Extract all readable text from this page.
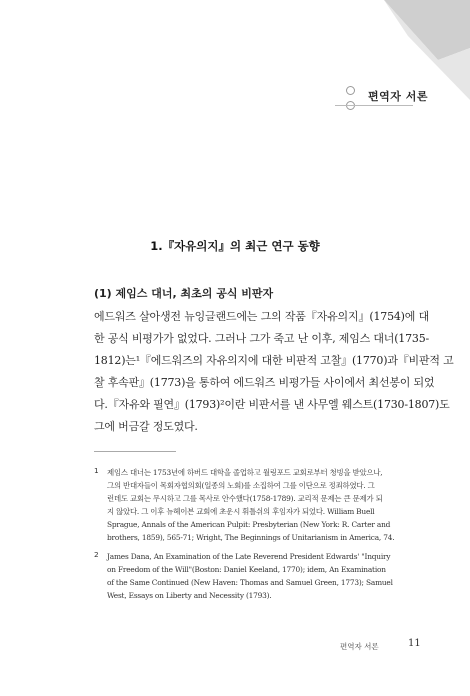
편역자 서론
1.『자유의지』의 최근 연구 동향
(1) 제임스 대너, 최초의 공식 비판자
에드워즈 살아생전 뉴잉글랜드에는 그의 작품『자유의지』(1754)에 대
한 공식 비평가가 없었다. 그러나 그가 죽고 난 이후, 제임스 대너(1735-
1812)는¹『에드워즈의 자유의지에 대한 비판적 고찰』(1770)과『비판적 고
찰 후속판』(1773)을 통하여 에드워즈 비평가들 사이에서 최선봉이 되었
다.『자유와 필연』(1793)²이란 비판서를 낸 사무엘 웨스트(1730-1807)도
그에 버금갈 정도였다.
1 제임스 대너는 1753년에 하버드 대학을 졸업하고 월링포드 교회로부터 청빙을 받았으나,
그의 반대자들이 목회자협의회(일종의 노회)를 소집하여 그를 이단으로 정죄하였다. 그
런데도 교회는 무시하고 그를 목사로 안수했다(1758-1789). 교리적 문제는 큰 문제가 되
지 않았다. 그 이후 뉴헤이븐 교회에 초운시 휘틀쉬의 후임자가 되었다. William Buell
Sprague, Annals of the American Pulpit: Presbyterian (New York: R. Carter and
brothers, 1859), 565-71; Wright, The Beginnings of Unitarianism in America, 74.
2 James Dana, An Examination of the Late Reverend President Edwards' "Inquiry
on Freedom of the Will"(Boston: Daniel Keeland, 1770); idem, An Examination
of the Same Continued (New Haven: Thomas and Samuel Green, 1773); Samuel
West, Essays on Liberty and Necessity (1793).
편역자 서론	11
